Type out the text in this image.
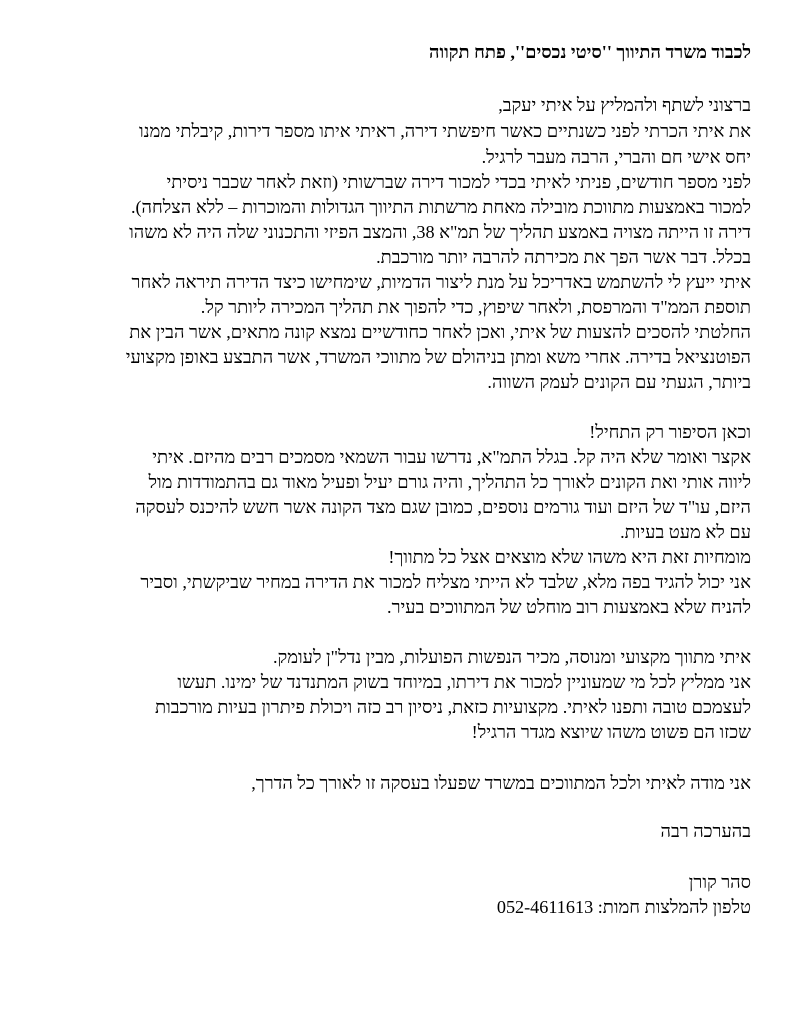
לכבוד משרד התיווך ''סיטי נכסים'', פתח תקווה
ברצוני לשתף ולהמליץ על איתי יעקב,
את איתי הכרתי לפני כשנתיים כאשר חיפשתי דירה, ראיתי איתו מספר דירות, קיבלתי ממנו
יחס אישי חם והברי, הרבה מעבר לרגיל.
לפני מספר חודשים, פניתי לאיתי בכדי למכור דירה שברשותי (וזאת לאחר שכבר ניסיתי
למכור באמצעות מתווכת מובילה מאחת מרשתות התיווך הגדולות והמוכרות – ללא הצלחה).
דירה זו הייתה מצויה באמצע תהליך של תמ"א 38, והמצב הפיזי והתכנוני שלה היה לא משהו
בכלל. דבר אשר הפך את מכירתה להרבה יותר מורכבת.
איתי ייעץ לי להשתמש באדריכל על מנת ליצור הדמיות, שימחישו כיצד הדירה תיראה לאחר
תוספת הממ"ד והמרפסת, ולאחר שיפוץ, כדי להפוך את תהליך המכירה ליותר קל.
החלטתי להסכים להצעות של איתי, ואכן לאחר כחודשיים נמצא קונה מתאים, אשר הבין את
הפוטנציאל בדירה. אחרי משא ומתן בניהולם של מתווכי המשרד, אשר התבצע באופן מקצועי
ביותר, הגעתי עם הקונים לעמק השווה.
וכאן הסיפור רק התחיל!
אקצר ואומר שלא היה קל. בגלל התמ"א, נדרשו עבור השמאי מסמכים רבים מהיזם. איתי
ליווה אותי ואת הקונים לאורך כל התהליך, והיה גורם יעיל ופעיל מאוד גם בהתמודדות מול
היזם, עו"ד של היזם ועוד גורמים נוספים, כמובן שגם מצד הקונה אשר חשש להיכנס לעסקה
עם לא מעט בעיות.
מומחיות זאת היא משהו שלא מוצאים אצל כל מתווך!
אני יכול להגיד בפה מלא, שלבד לא הייתי מצליח למכור את הדירה במחיר שביקשתי, וסביר
להניח שלא באמצעות רוב מוחלט של המתווכים בעיר.
איתי מתווך מקצועי ומנוסה, מכיר הנפשות הפועלות, מבין נדל"ן לעומק.
אני ממליץ לכל מי שמעוניין למכור את דירתו, במיוחד בשוק המתנדנד של ימינו. תעשו
לעצמכם טובה ותפנו לאיתי. מקצועיות כזאת, ניסיון רב כזה ויכולת פיתרון בעיות מורכבות
שכזו הם פשוט משהו שיוצא מגדר הרגיל!
אני מודה לאיתי ולכל המתווכים במשרד שפעלו בעסקה זו לאורך כל הדרך,
בהערכה רבה
סהר קורן
טלפון להמלצות חמות: 052-4611613
